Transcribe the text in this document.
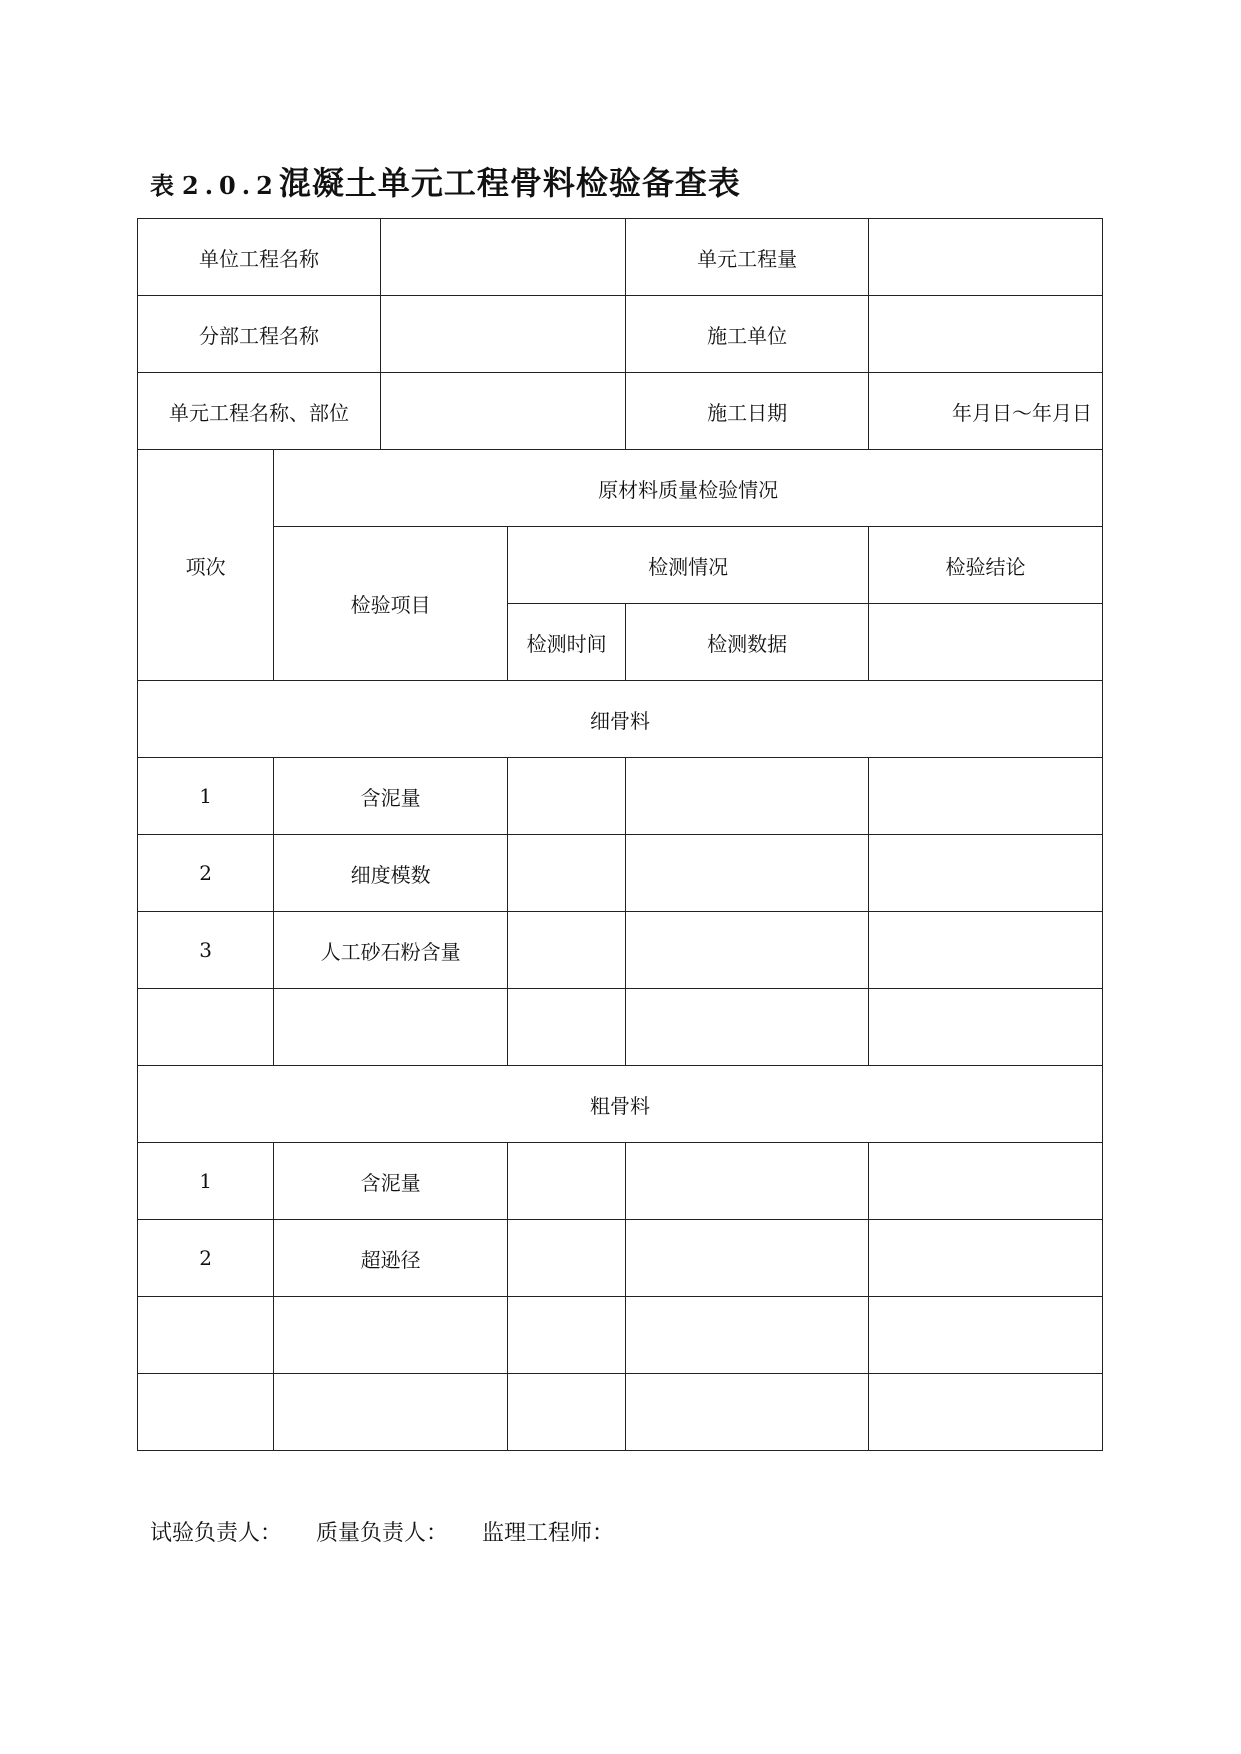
表 2.0.2混凝土单元工程骨料检验备查表
单位工程名称				单元工程量	
分部工程名称				施工单位	
单元工程名称、部位				施工日期	年月日～年月日
项次	原材料质量检验情况				
	检验项目		检测情况		检验结论
			检测时间	检测数据	
细骨料					
1	含泥量				
2	细度模数				
3	人工砂石粉含量				

粗骨料					
1	含泥量				
2	超逊径				

试验负责人： 质量负责人： 监理工程师：
